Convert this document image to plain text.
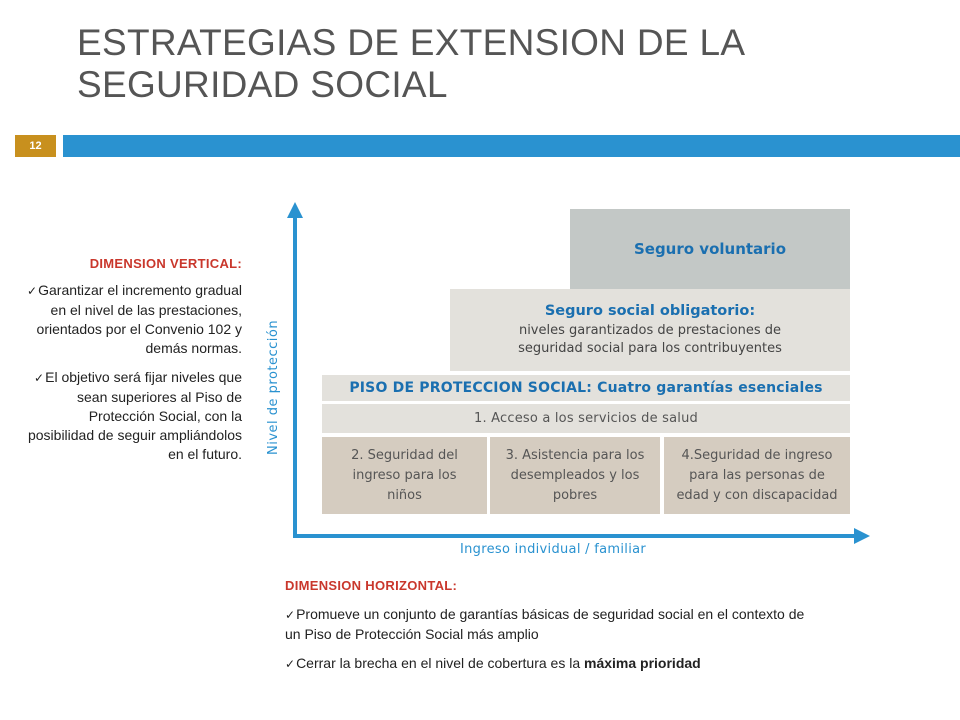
ESTRATEGIAS DE EXTENSION DE LA
SEGURIDAD SOCIAL
12
DIMENSION VERTICAL:
✓Garantizar el incremento gradual en el nivel de las prestaciones, orientados por el Convenio 102 y demás normas.
✓El objetivo será fijar niveles que sean superiores al Piso de Protección Social, con la posibilidad de seguir ampliándolos en el futuro. Nivel de protección
Ingreso individual / familiar
Seguro voluntario
Seguro social obligatorio:
niveles garantizados de prestaciones de
seguridad social para los contribuyentes
PISO DE PROTECCION SOCIAL: Cuatro garantías esenciales
1. Acceso a los servicios de salud
2. Seguridad del
ingreso para los
niños
3. Asistencia para los
desempleados y los
pobres
4.Seguridad de ingreso
para las personas de
edad y con discapacidad
DIMENSION HORIZONTAL:
✓Promueve un conjunto de garantías básicas de seguridad social en el contexto de un Piso de Protección Social más amplio
✓Cerrar la brecha en el nivel de cobertura es la máxima prioridad
